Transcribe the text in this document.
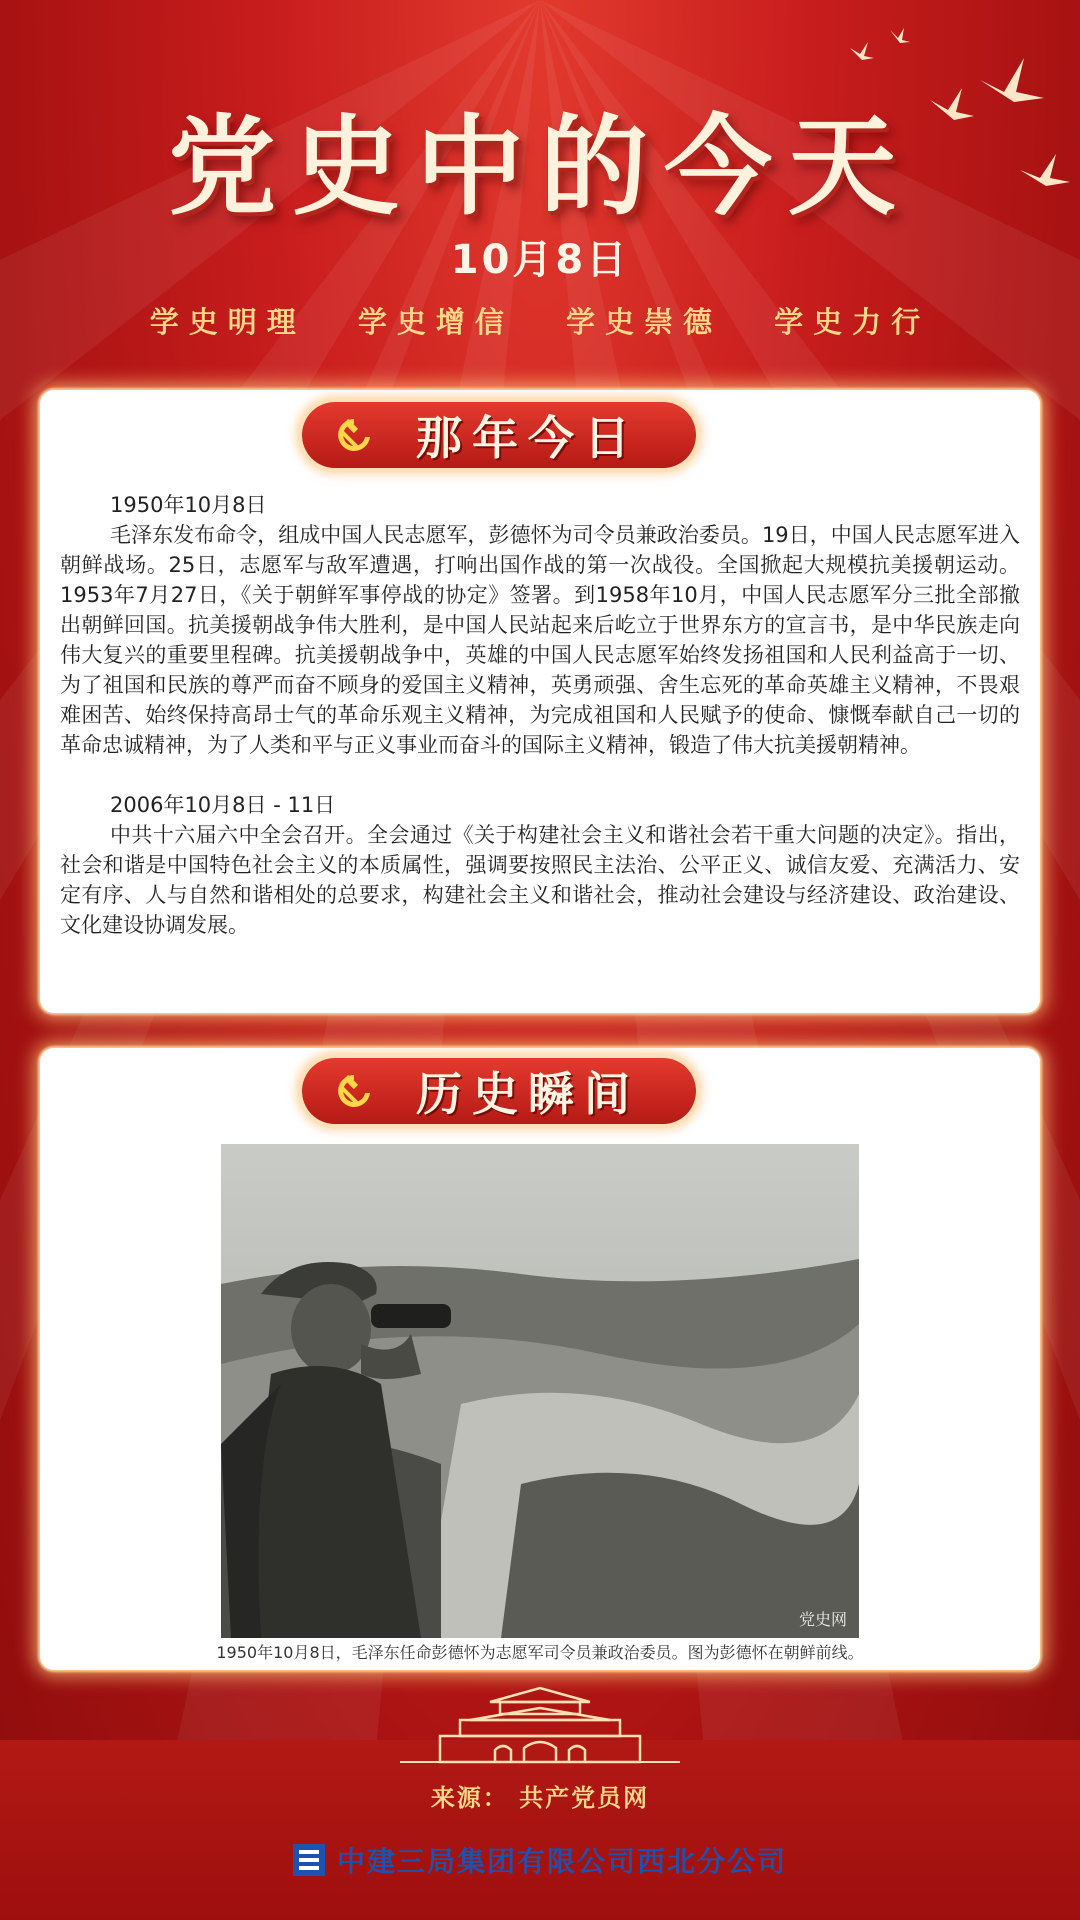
党史中的今天
10月8日
学史明理 学史增信 学史崇德 学史力行
那年今日
1950年10月8日

毛泽东发布命令，组成中国人民志愿军，彭德怀为司令员兼政治委员。19日，中国人民志愿军进入朝鲜战场。25日，志愿军与敌军遭遇，打响出国作战的第一次战役。全国掀起大规模抗美援朝运动。1953年7月27日，《关于朝鲜军事停战的协定》签署。到1958年10月，中国人民志愿军分三批全部撤出朝鲜回国。抗美援朝战争伟大胜利，是中国人民站起来后屹立于世界东方的宣言书，是中华民族走向伟大复兴的重要里程碑。抗美援朝战争中，英雄的中国人民志愿军始终发扬祖国和人民利益高于一切、为了祖国和民族的尊严而奋不顾身的爱国主义精神，英勇顽强、舍生忘死的革命英雄主义精神，不畏艰难困苦、始终保持高昂士气的革命乐观主义精神，为完成祖国和人民赋予的使命、慷慨奉献自己一切的革命忠诚精神，为了人类和平与正义事业而奋斗的国际主义精神，锻造了伟大抗美援朝精神。

2006年10月8日 - 11日

中共十六届六中全会召开。全会通过《关于构建社会主义和谐社会若干重大问题的决定》。指出，社会和谐是中国特色社会主义的本质属性，强调要按照民主法治、公平正义、诚信友爱、充满活力、安定有序、人与自然和谐相处的总要求，构建社会主义和谐社会，推动社会建设与经济建设、政治建设、文化建设协调发展。

历史瞬间
党史网
1950年10月8日，毛泽东任命彭德怀为志愿军司令员兼政治委员。图为彭德怀在朝鲜前线。
来源： 共产党员网
中建三局集团有限公司西北分公司
